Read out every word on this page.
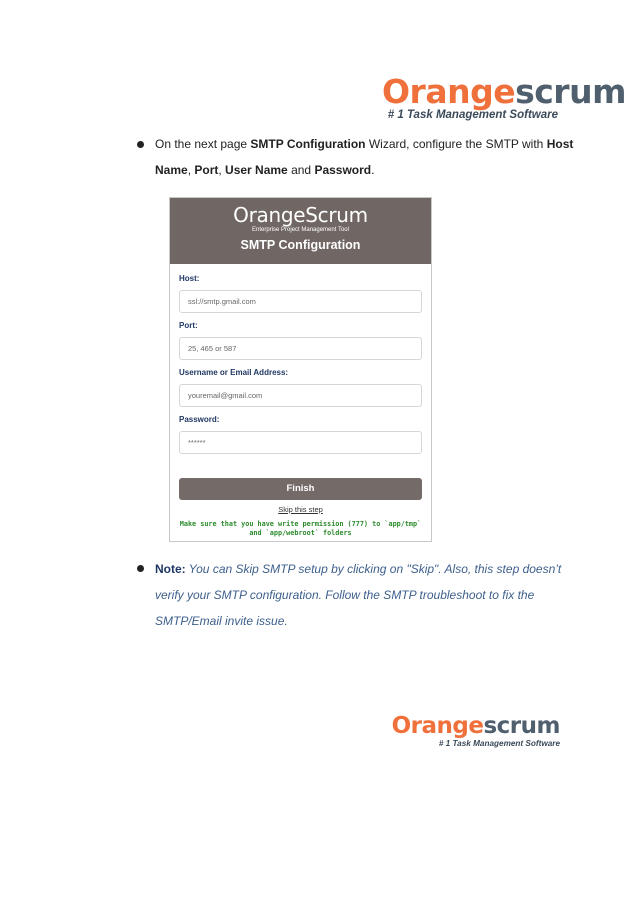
Orangescrum
# 1 Task Management Software
On the next page SMTP Configuration Wizard, configure the SMTP with Host Name, Port, User Name and Password.
OrangeScrum
Enterprise Project Management Tool
SMTP Configuration
Host:
ssl://smtp.gmail.com
Port:
25, 465 or 587
Username or Email Address:
youremail@gmail.com
Password:
******
Finish
Skip this step
Make sure that you have write permission (777) to `app/tmp`
and `app/webroot` folders
Note: You can Skip SMTP setup by clicking on "Skip". Also, this step doesn’t verify your SMTP configuration. Follow the SMTP troubleshoot to fix the SMTP/Email invite issue.
Orangescrum
# 1 Task Management Software
